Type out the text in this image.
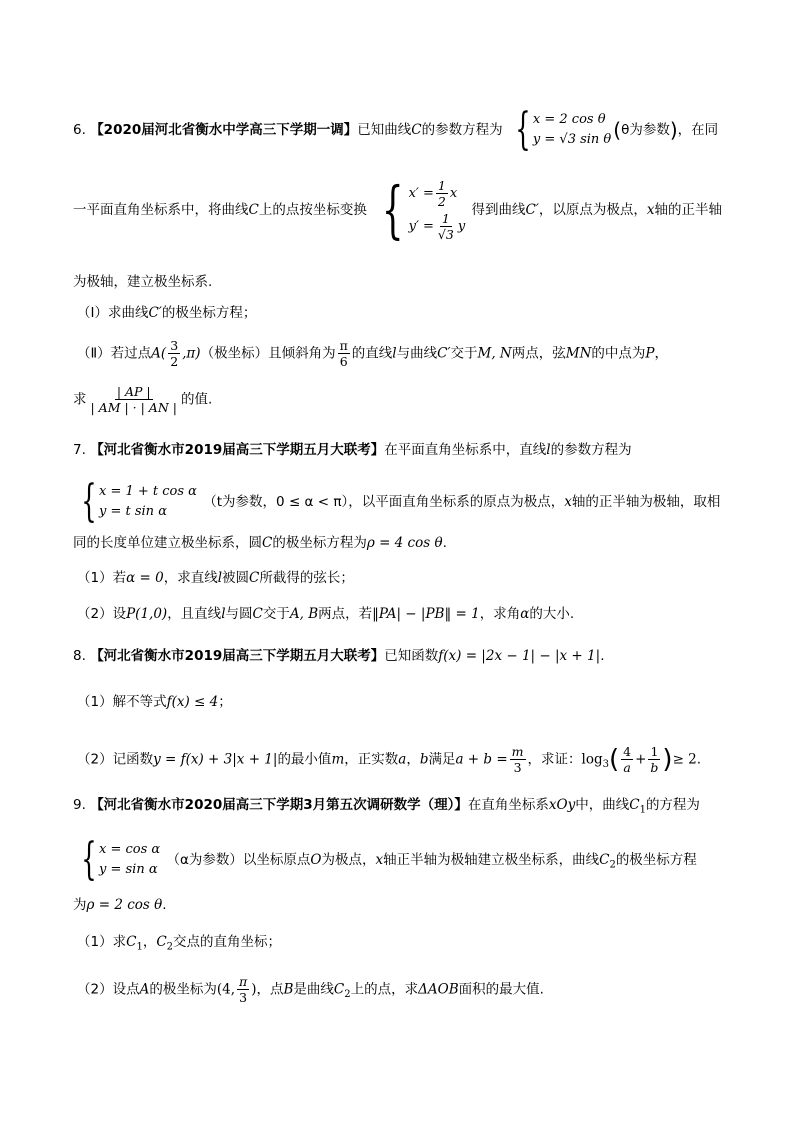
6. 【2020届河北省衡水中学高三下学期一调】已知曲线C的参数方程为 { x = 2 cos θ
y = √3 sin θ (θ为参数)，在同
一平面直角坐标系中，将曲线C上的点按坐标变换 { $x' = \frac{1}{2}$ x
$y' = \frac{1}{√3}$ y
得到曲线C′，以原点为极点，x轴的正半轴
为极轴，建立极坐标系.
（Ⅰ）求曲线C′的极坐标方程；
（Ⅱ）若过点$A( \frac{3}{2} ,\pi)$（极坐标）且倾斜角为 $\frac{\pi}{6}$ 的直线l与曲线C′交于M, N两点，弦MN的中点为P，
求 $\frac{| AP |}{| AM | \cdot | AN |}$ 的值.
7. 【河北省衡水市2019届高三下学期五月大联考】在平面直角坐标系中，直线l的参数方程为
{ x = 1 + t cos α
y = t sin α
（t为参数，0 ≤ α < π），以平面直角坐标系的原点为极点，x轴的正半轴为极轴，取相
同的长度单位建立极坐标系，圆C的极坐标方程为ρ = 4 cos θ.
（1）若α = 0，求直线l被圆C所截得的弦长；
（2）设P(1,0)，且直线l与圆C交于A, B两点，若‖PA| − |PB‖ = 1，求角α的大小.
8. 【河北省衡水市2019届高三下学期五月大联考】已知函数f(x) = |2x − 1| − |x + 1|.
（1）解不等式f(x) ≤ 4；
（2）记函数y = f(x) + 3|x + 1|的最小值m，正实数a，b满足$a + b = \frac{m}{3}$ ，求证：$\log_3( \frac{4}{a} + \frac{1}{b}$ )≥ 2.
9. 【河北省衡水市2020届高三下学期3月第五次调研数学（理）】在直角坐标系xOy中，曲线$C_1$的方程为
{ x = cos α
y = sin α
（α为参数）以坐标原点O为极点，x轴正半轴为极轴建立极坐标系，曲线$C_2$的极坐标方程
为ρ = 2 cos θ.
（1）求$C_1$，$C_2$交点的直角坐标；
（2）设点A的极坐标为(4, $\frac{\pi}{3}$ )，点B是曲线$C_2$上的点，求ΔAOB面积的最大值.
